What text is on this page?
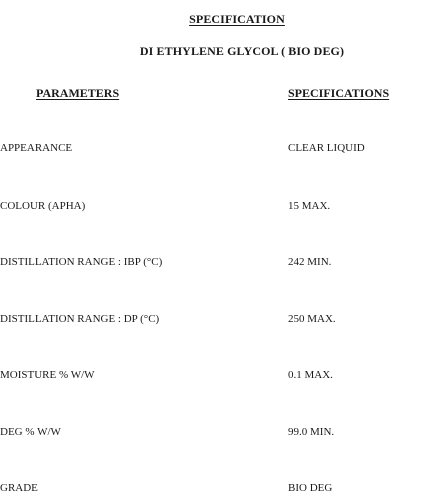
SPECIFICATION
DI ETHYLENE GLYCOL ( BIO DEG)
PARAMETERS	SPECIFICATIONS
APPEARANCE	CLEAR LIQUID
COLOUR (APHA)	15 MAX.
DISTILLATION RANGE : IBP (°C)	242 MIN.
DISTILLATION RANGE : DP (°C)	250 MAX.
MOISTURE % W/W	0.1 MAX.
DEG % W/W	99.0 MIN.
GRADE	BIO DEG
